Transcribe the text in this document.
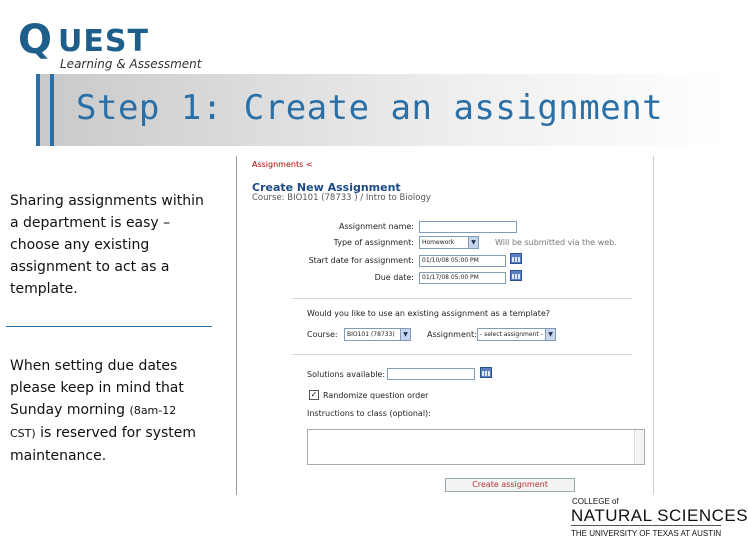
Q UEST
Learning & Assessment
Step 1: Create an assignment
Sharing assignments within a department is easy – choose any existing assignment to act as a template.
When setting due dates please keep in mind that Sunday morning (8am-12
CST) is reserved for system maintenance.
Assignments <
Create New Assignment
Course: BIO101 (78733 ) / Intro to Biology
Assignment name:
Type of assignment:	Homework	▼ Will be submitted via the web.
Start date for assignment:	01/10/08 05:00 PM
Due date:	01/17/08 05:00 PM
Would you like to use an existing assignment as a template?
Course:	BIO101 (78733)	▼ Assignment: - select assignment - ▼
Solutions available:
✓ Randomize question order
Instructions to class (optional):
Create assignment
COLLEGE of
NATURAL SCIENCES
THE UNIVERSITY OF TEXAS AT AUSTIN
